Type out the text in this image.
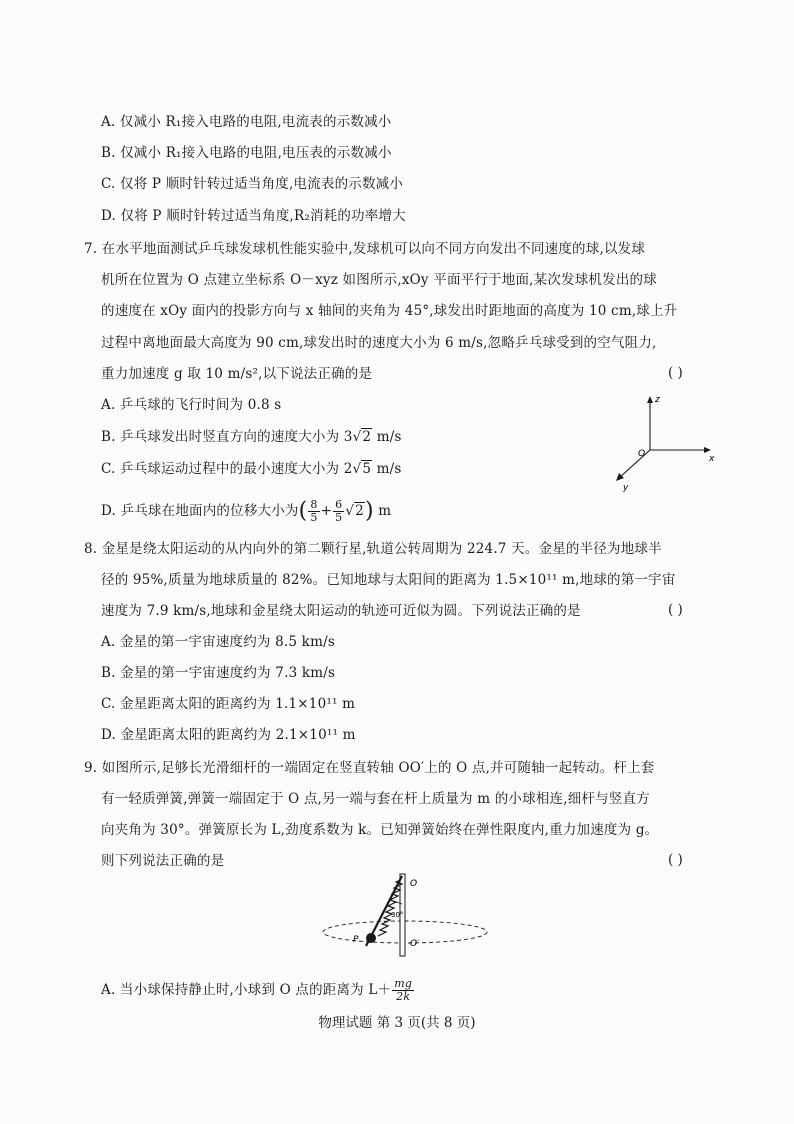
A. 仅减小 R₁接入电路的电阻,电流表的示数减小
B. 仅减小 R₁接入电路的电阻,电压表的示数减小
C. 仅将 P 顺时针转过适当角度,电流表的示数减小
D. 仅将 P 顺时针转过适当角度,R₂消耗的功率增大
7. 在水平地面测试乒乓球发球机性能实验中,发球机可以向不同方向发出不同速度的球,以发球
机所在位置为 O 点建立坐标系 O－xyz 如图所示,xOy 平面平行于地面,某次发球机发出的球
的速度在 xOy 面内的投影方向与 x 轴间的夹角为 45°,球发出时距地面的高度为 10 cm,球上升
过程中离地面最大高度为 90 cm,球发出时的速度大小为 6 m/s,忽略乒乓球受到的空气阻力,
重力加速度 g 取 10 m/s²,以下说法正确的是	( )
A. 乒乓球的飞行时间为 0.8 s
B. 乒乓球发出时竖直方向的速度大小为 3√2 m/s
C. 乒乓球运动过程中的最小速度大小为 2√5 m/s
D. 乒乓球在地面内的位移大小为( $\frac{8}{5} + \frac{6}{5} √2$) m
z
x
y
O
8. 金星是绕太阳运动的从内向外的第二颗行星,轨道公转周期为 224.7 天。金星的半径为地球半
径的 95%,质量为地球质量的 82%。已知地球与太阳间的距离为 1.5×10¹¹ m,地球的第一宇宙
速度为 7.9 km/s,地球和金星绕太阳运动的轨迹可近似为圆。下列说法正确的是	( )
A. 金星的第一宇宙速度约为 8.5 km/s
B. 金星的第一宇宙速度约为 7.3 km/s
C. 金星距离太阳的距离约为 1.1×10¹¹ m
D. 金星距离太阳的距离约为 2.1×10¹¹ m
9. 如图所示,足够长光滑细杆的一端固定在竖直转轴 OO′上的 O 点,并可随轴一起转动。杆上套
有一轻质弹簧,弹簧一端固定于 O 点,另一端与套在杆上质量为 m 的小球相连,细杆与竖直方
向夹角为 30°。弹簧原长为 L,劲度系数为 k。已知弹簧始终在弹性限度内,重力加速度为 g。
则下列说法正确的是	( )
O
O′
P
30°
A. 当小球保持静止时,小球到 O 点的距离为 $L+ \frac{mg}{2k}$
物理试题 第 3 页(共 8 页)
